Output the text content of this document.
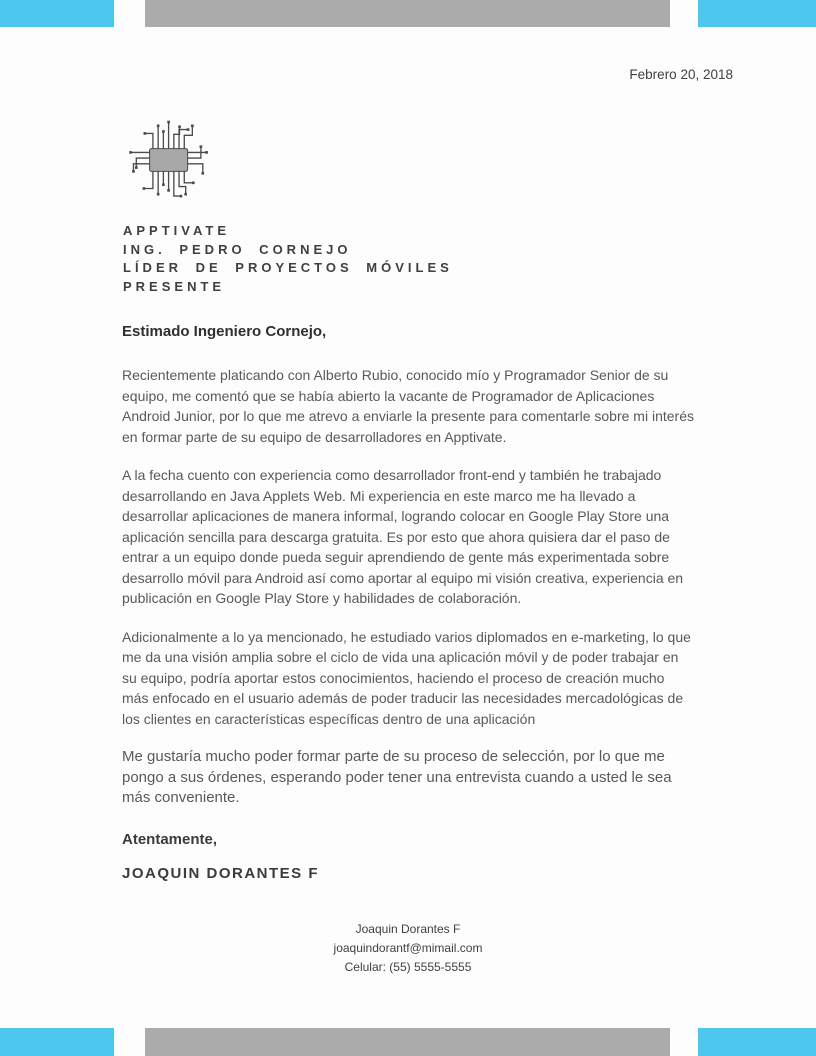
Febrero 20, 2018
APPTIVATE
ING. PEDRO CORNEJO
LÍDER DE PROYECTOS MÓVILES
PRESENTE
Estimado Ingeniero Cornejo,

Recientemente platicando con Alberto Rubio, conocido mío y Programador Senior de su equipo, me comentó que se había abierto la vacante de Programador de Aplicaciones Android Junior, por lo que me atrevo a enviarle la presente para comentarle sobre mi interés en formar parte de su equipo de desarrolladores en Apptivate.

A la fecha cuento con experiencia como desarrollador front-end y también he trabajado desarrollando en Java Applets Web. Mi experiencia en este marco me ha llevado a desarrollar aplicaciones de manera informal, logrando colocar en Google Play Store una aplicación sencilla para descarga gratuita. Es por esto que ahora quisiera dar el paso de entrar a un equipo donde pueda seguir aprendiendo de gente más experimentada sobre desarrollo móvil para Android así como aportar al equipo mi visión creativa, experiencia en publicación en Google Play Store y habilidades de colaboración.

Adicionalmente a lo ya mencionado, he estudiado varios diplomados en e-marketing, lo que me da una visión amplia sobre el ciclo de vida una aplicación móvil y de poder trabajar en su equipo, podría aportar estos conocimientos, haciendo el proceso de creación mucho más enfocado en el usuario además de poder traducir las necesidades mercadológicas de los clientes en características específicas dentro de una aplicación

Me gustaría mucho poder formar parte de su proceso de selección, por lo que me pongo a sus órdenes, esperando poder tener una entrevista cuando a usted le sea más conveniente.

Atentamente,
JOAQUIN DORANTES F
Joaquin Dorantes F
joaquindorantf@mimail.com
Celular: (55) 5555-5555
